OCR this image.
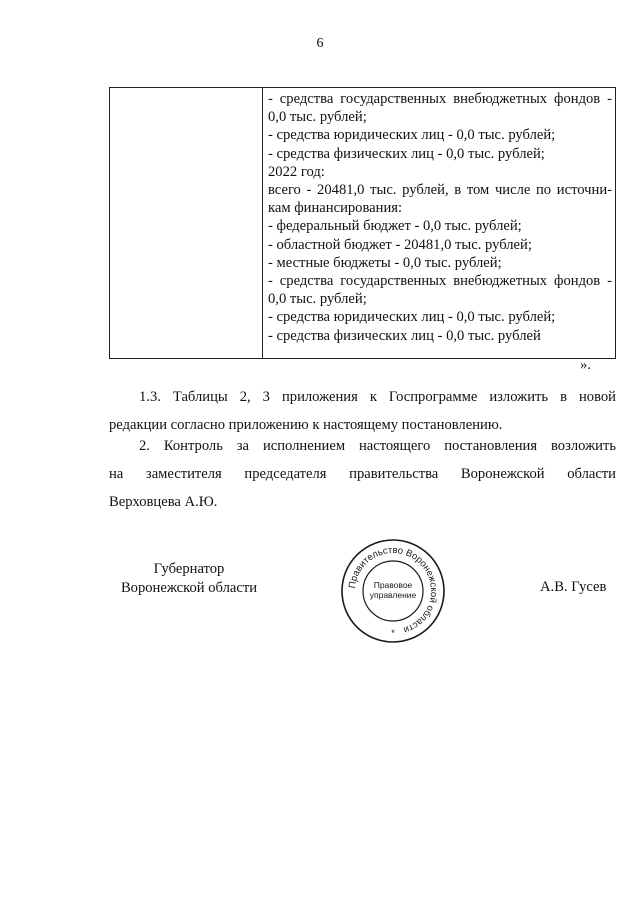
6

- средства государственных внебюджетных фондов -
0,0 тыс. рублей;
- средства юридических лиц - 0,0 тыс. рублей;
- средства физических лиц - 0,0 тыс. рублей;
2022 год:
всего - 20481,0 тыс. рублей, в том числе по источни-
кам финансирования:
- федеральный бюджет - 0,0 тыс. рублей;
- областной бюджет - 20481,0 тыс. рублей;
- местные бюджеты - 0,0 тыс. рублей;
- средства государственных внебюджетных фондов -
0,0 тыс. рублей;
- средства юридических лиц - 0,0 тыс. рублей;
- средства физических лиц - 0,0 тыс. рублей
».
1.3. Таблицы 2, 3 приложения к Госпрограмме изложить в новой
редакции согласно приложению к настоящему постановлению.
2. Контроль за исполнением настоящего постановления возложить
на заместителя председателя правительства Воронежской области
Верховцева А.Ю.
Губернатор
Воронежской области	Правительство Воронежской области
Правовое
управление
*
А.В. Гусев
